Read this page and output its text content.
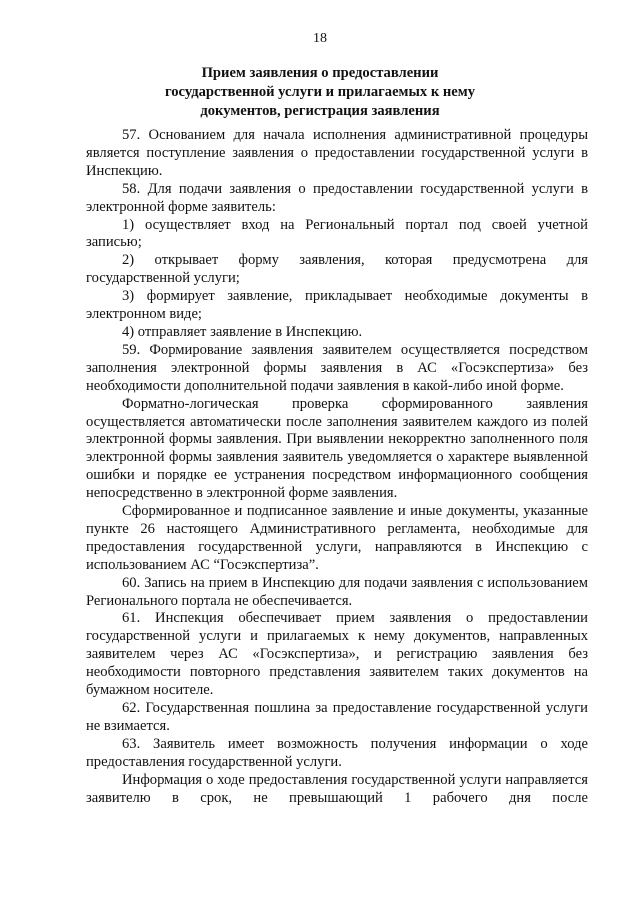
18
Прием заявления о предоставлении
государственной услуги и прилагаемых к нему
документов, регистрация заявления

57. Основанием для начала исполнения административной процедуры является поступление заявления о предоставлении государственной услуги в Инспекцию.

58. Для подачи заявления о предоставлении государственной услуги в электронной форме заявитель:

1) осуществляет вход на Региональный портал под своей учетной записью;

2) открывает форму заявления, которая предусмотрена для государственной услуги;

3) формирует заявление, прикладывает необходимые документы в электронном виде;

4) отправляет заявление в Инспекцию.

59. Формирование заявления заявителем осуществляется посредством заполнения электронной формы заявления в АС «Госэкспертиза» без необходимости дополнительной подачи заявления в какой-либо иной форме.

Форматно-логическая проверка сформированного заявления осуществляется автоматически после заполнения заявителем каждого из полей электронной формы заявления. При выявлении некорректно заполненного поля электронной формы заявления заявитель уведомляется о характере выявленной ошибки и порядке ее устранения посредством информационного сообщения непосредственно в электронной форме заявления.

Сформированное и подписанное заявление и иные документы, указанные пункте 26 настоящего Административного регламента, необходимые для предоставления государственной услуги, направляются в Инспекцию с использованием АС “Госэкспертиза”.

60. Запись на прием в Инспекцию для подачи заявления с использованием Регионального портала не обеспечивается.

61. Инспекция обеспечивает прием заявления о предоставлении государственной услуги и прилагаемых к нему документов, направленных заявителем через АС «Госэкспертиза», и регистрацию заявления без необходимости повторного представления заявителем таких документов на бумажном носителе.

62. Государственная пошлина за предоставление государственной услуги не взимается.

63. Заявитель имеет возможность получения информации о ходе предоставления государственной услуги.

Информация о ходе предоставления государственной услуги направляется заявителю в срок, не превышающий 1 рабочего дня после
